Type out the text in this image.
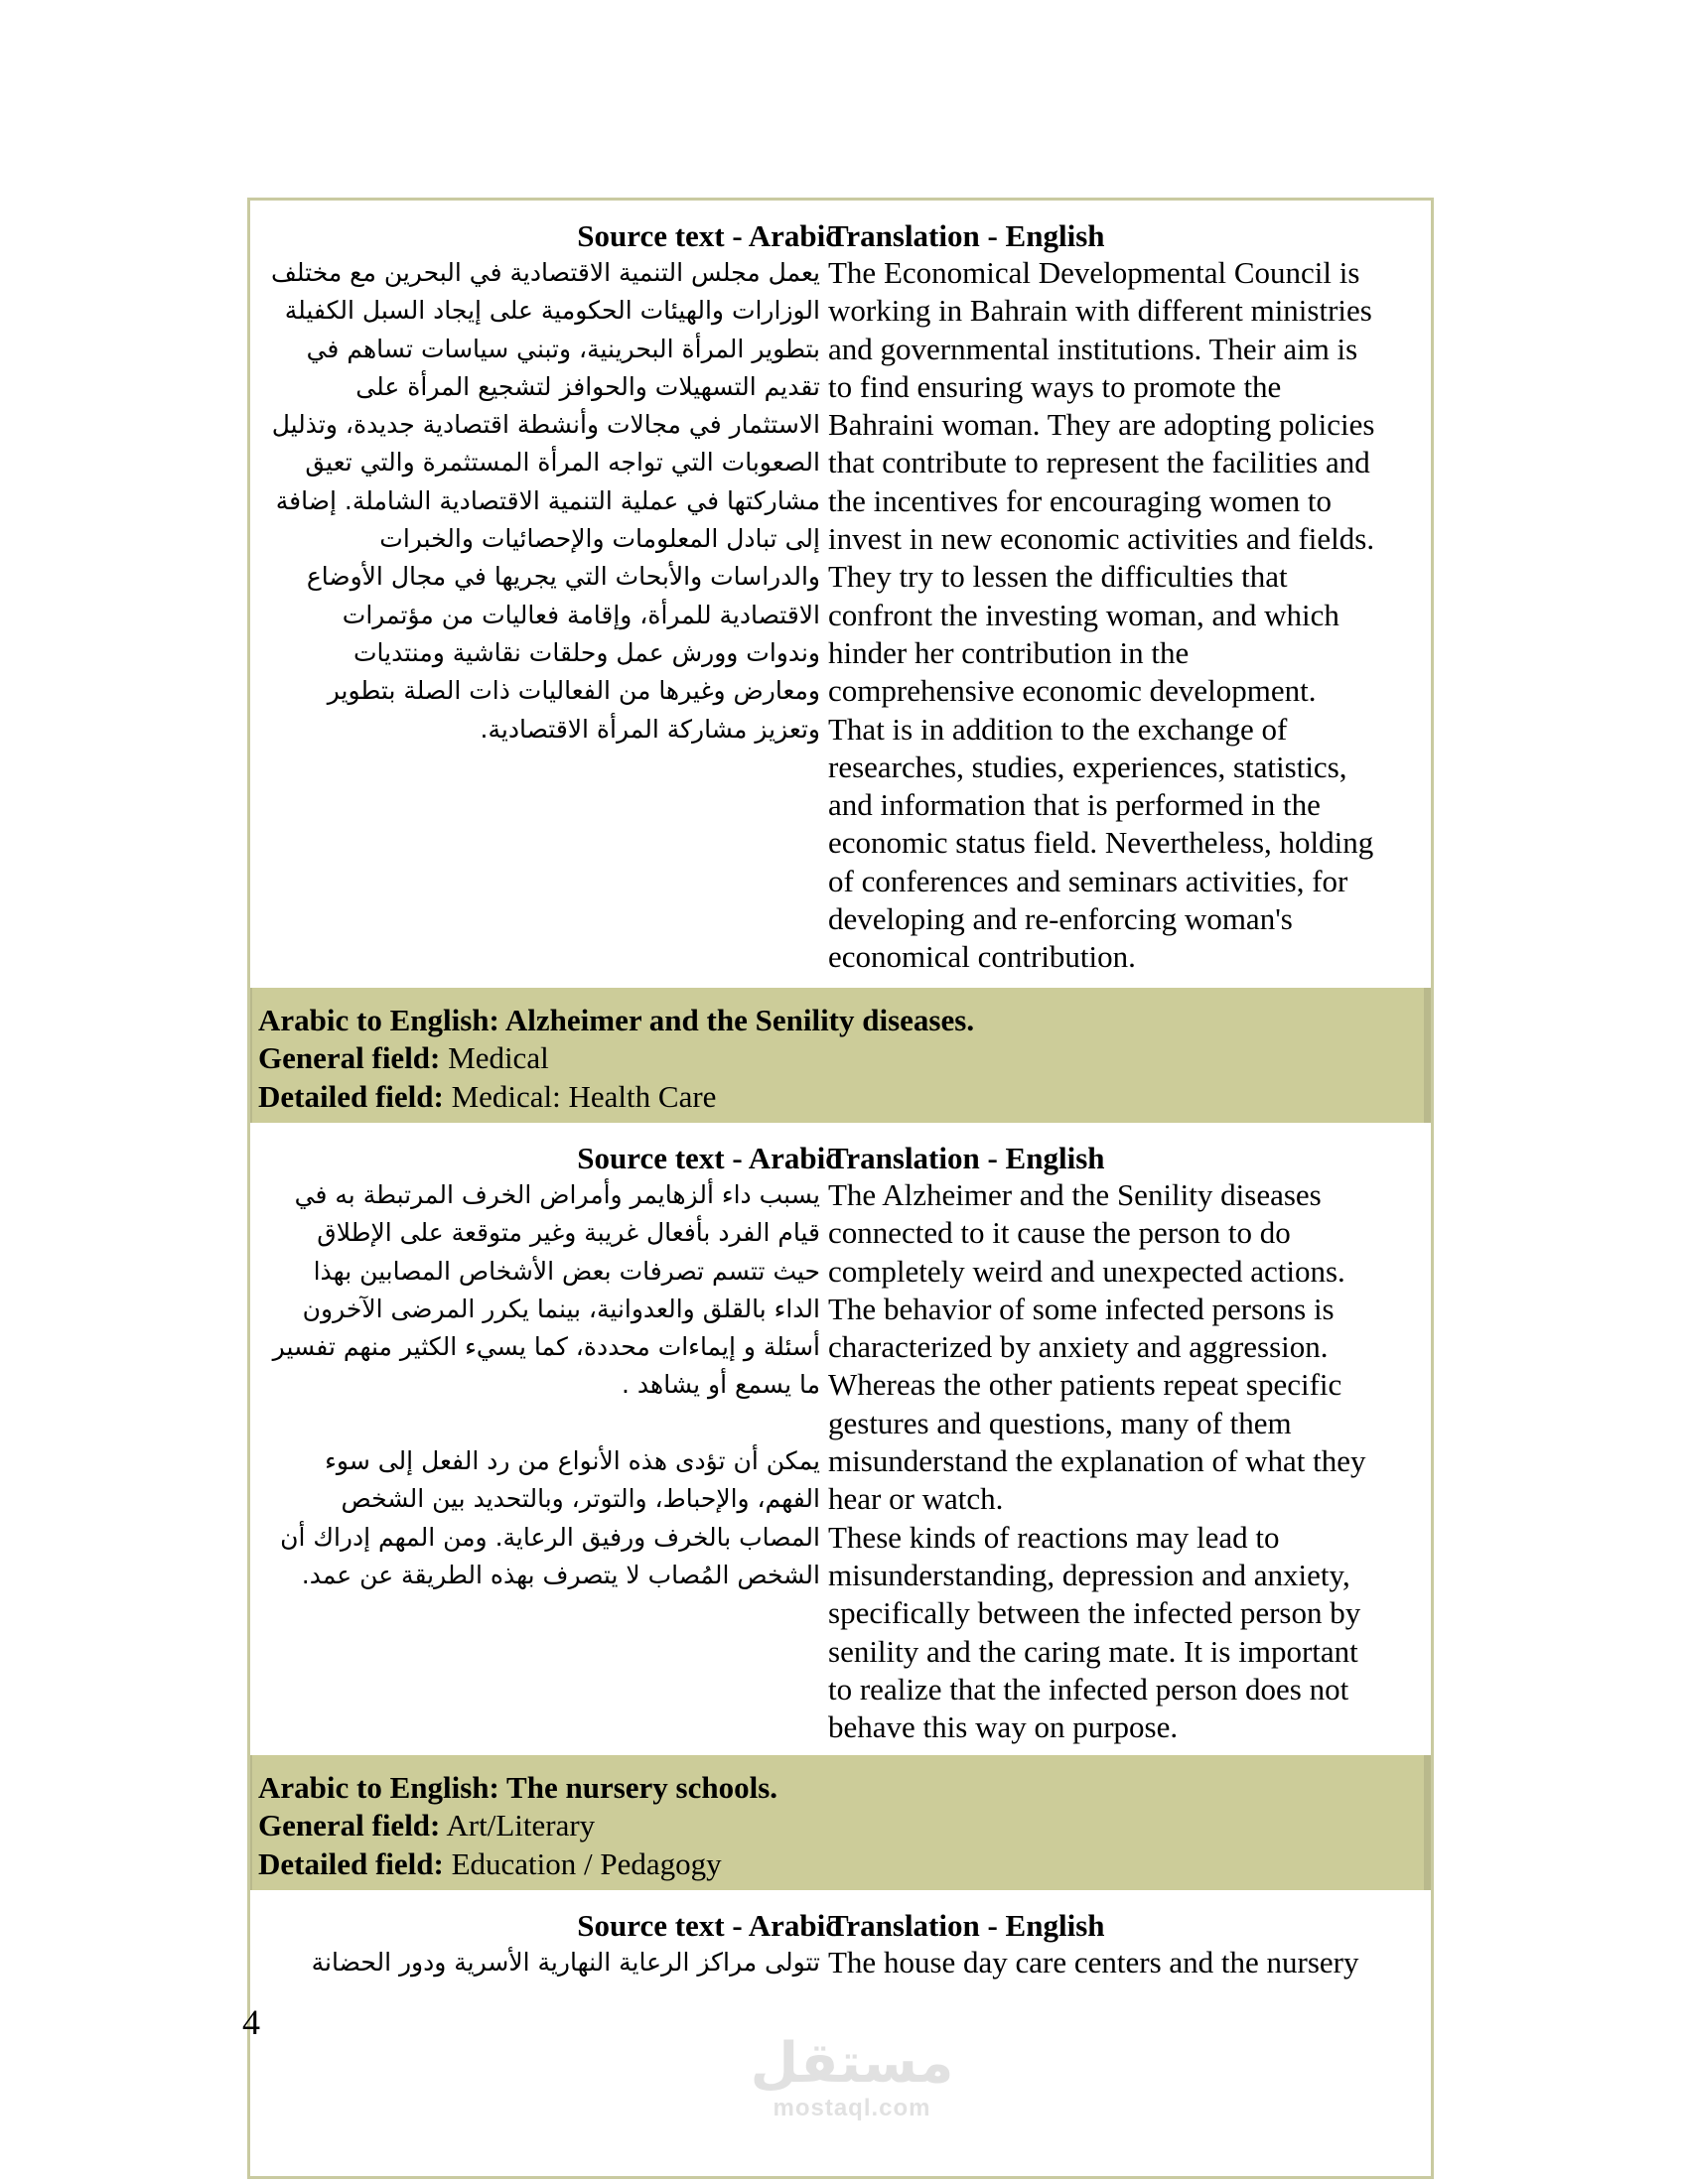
Source text - Arabic
Translation - English
يعمل مجلس التنمية الاقتصادية في البحرين مع مختلف
الوزارات والهيئات الحكومية على إيجاد السبل الكفيلة
بتطوير المرأة البحرينية، وتبني سياسات تساهم في
تقديم التسهيلات والحوافز لتشجيع المرأة على
الاستثمار في مجالات وأنشطة اقتصادية جديدة، وتذليل
الصعوبات التي تواجه المرأة المستثمرة والتي تعيق
مشاركتها في عملية التنمية الاقتصادية الشاملة. إضافة
إلى تبادل المعلومات والإحصائيات والخبرات
والدراسات والأبحاث التي يجريها في مجال الأوضاع
الاقتصادية للمرأة، وإقامة فعاليات من مؤتمرات
وندوات وورش عمل وحلقات نقاشية ومنتديات
ومعارض وغيرها من الفعاليات ذات الصلة بتطوير
وتعزيز مشاركة المرأة الاقتصادية.
The Economical Developmental Council is
working in Bahrain with different ministries
and governmental institutions. Their aim is
to find ensuring ways to promote the
Bahraini woman. They are adopting policies
that contribute to represent the facilities and
the incentives for encouraging women to
invest in new economic activities and fields.
They try to lessen the difficulties that
confront the investing woman, and which
hinder her contribution in the
comprehensive economic development.
That is in addition to the exchange of
researches, studies, experiences, statistics,
and information that is performed in the
economic status field. Nevertheless, holding
of conferences and seminars activities, for
developing and re-enforcing woman's
economical contribution.
Arabic to English: Alzheimer and the Senility diseases.
General field: Medical
Detailed field: Medical: Health Care
Source text - Arabic
Translation - English
يسبب داء ألزهايمر وأمراض الخرف المرتبطة به في
قيام الفرد بأفعال غريبة وغير متوقعة على الإطلاق
حيث تتسم تصرفات بعض الأشخاص المصابين بهذا
الداء بالقلق والعدوانية، بينما يكرر المرضى الآخرون
أسئلة و إيماءات محددة، كما يسيء الكثير منهم تفسير
ما يسمع أو يشاهد .
يمكن أن تؤدى هذه الأنواع من رد الفعل إلى سوء
الفهم، والإحباط، والتوتر، وبالتحديد بين الشخص
المصاب بالخرف ورفيق الرعاية. ومن المهم إدراك أن
الشخص المُصاب لا يتصرف بهذه الطريقة عن عمد.
The Alzheimer and the Senility diseases
connected to it cause the person to do
completely weird and unexpected actions.
The behavior of some infected persons is
characterized by anxiety and aggression.
Whereas the other patients repeat specific
gestures and questions, many of them
misunderstand the explanation of what they
hear or watch.
These kinds of reactions may lead to
misunderstanding, depression and anxiety,
specifically between the infected person by
senility and the caring mate. It is important
to realize that the infected person does not
behave this way on purpose.
Arabic to English: The nursery schools.
General field: Art/Literary
Detailed field: Education / Pedagogy
Source text - Arabic
Translation - English
تتولى مراكز الرعاية النهارية الأسرية ودور الحضانة The house day care centers and the nursery
4
مستقل
mostaql.com
